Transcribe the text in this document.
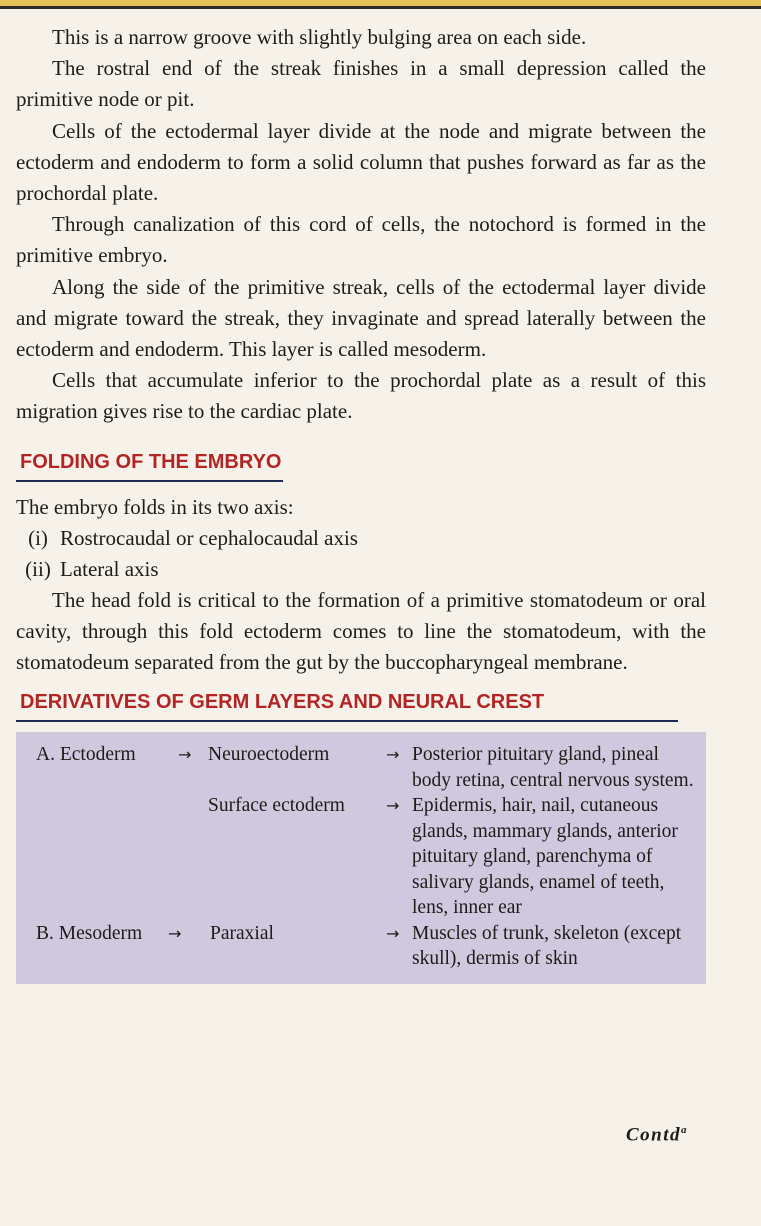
This is a narrow groove with slightly bulging area on each side.

The rostral end of the streak finishes in a small depression called the primitive node or pit.

Cells of the ectodermal layer divide at the node and migrate between the ectoderm and endoderm to form a solid column that pushes forward as far as the prochordal plate.

Through canalization of this cord of cells, the notochord is formed in the primitive embryo.

Along the side of the primitive streak, cells of the ectodermal layer divide and migrate toward the streak, they invaginate and spread laterally between the ectoderm and endoderm. This layer is called mesoderm.

Cells that accumulate inferior to the prochordal plate as a result of this migration gives rise to the cardiac plate.

FOLDING OF THE EMBRYO

The embryo folds in its two axis:

(i) Rostrocaudal or cephalocaudal axis

(ii) Lateral axis

The head fold is critical to the formation of a primitive stomatodeum or oral cavity, through this fold ectoderm comes to line the stomatodeum, with the stomatodeum separated from the gut by the buccopharyngeal membrane.

DERIVATIVES OF GERM LAYERS AND NEURAL CREST
A. Ectoderm	→ Neuroectoderm	→ Posterior pituitary gland, pineal body retina, central nervous system.
Surface ectoderm	→ Epidermis, hair, nail, cutaneous glands, mammary glands, anterior pituitary gland, parenchyma of salivary glands, enamel of teeth, lens, inner ear
B. Mesoderm → Paraxial	→ Muscles of trunk, skeleton (except skull), dermis of skin
Contd$^a$
